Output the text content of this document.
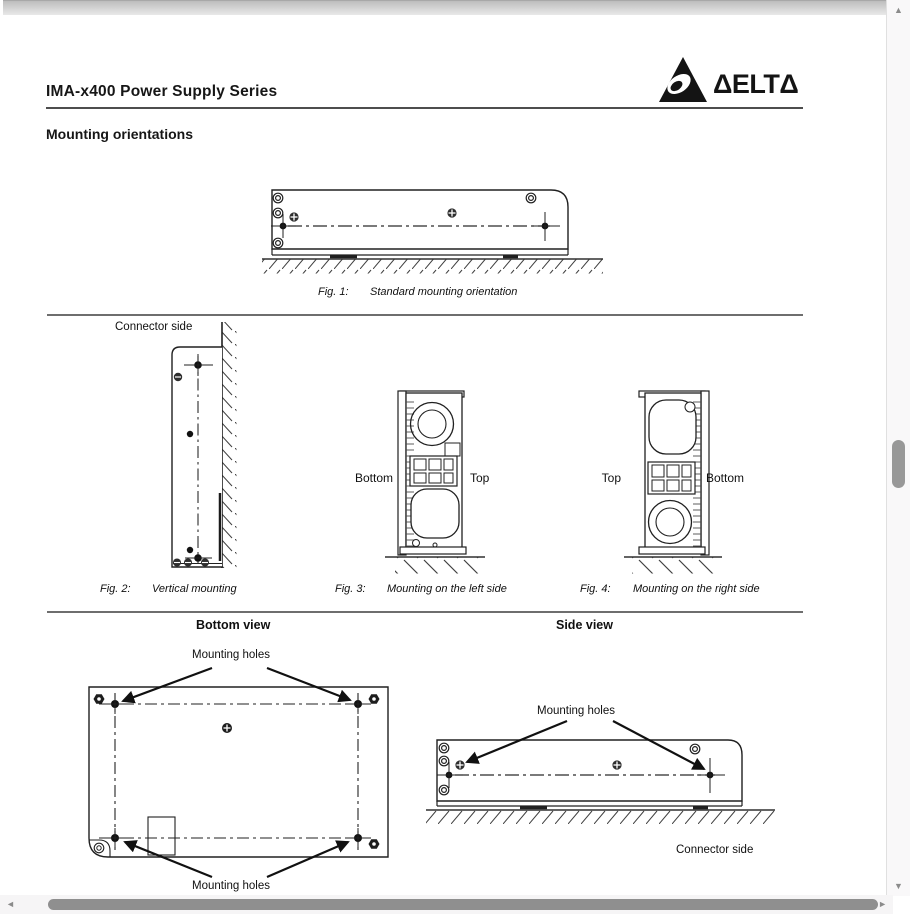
IMA-x400 Power Supply Series	ΔELTΔ
Mounting orientations
Fig. 1: Standard mounting orientation
Connector side
Fig. 2: Vertical mounting
Bottom	Top
Fig. 3: Mounting on the left side
Top	Bottom
Fig. 4: Mounting on the right side
Bottom view	Side view
Mounting holes
Mounting holes
Mounting holes
Connector side
▲
▼
◄	►
